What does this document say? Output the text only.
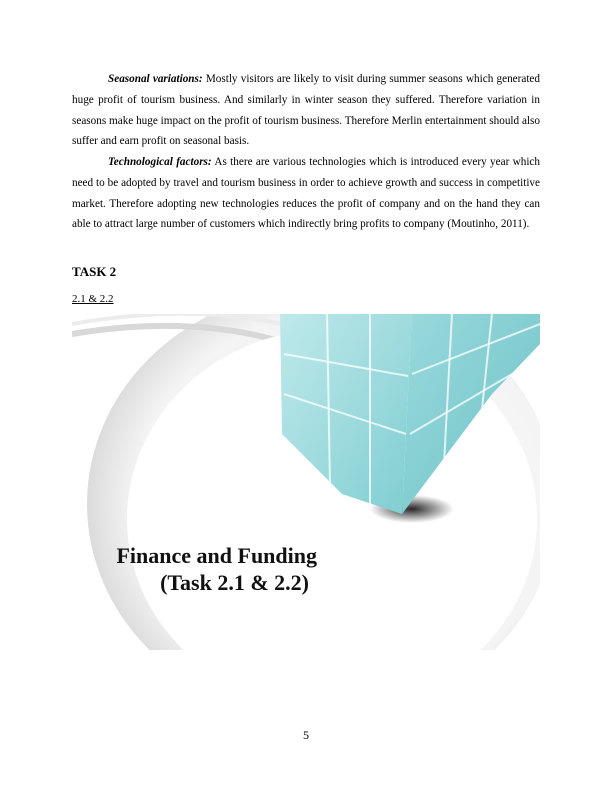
Seasonal variations: Mostly visitors are likely to visit during summer seasons which generated huge profit of tourism business. And similarly in winter season they suffered. Therefore variation in seasons make huge impact on the profit of tourism business. Therefore Merlin entertainment should also suffer and earn profit on seasonal basis.

Technological factors: As there are various technologies which is introduced every year which need to be adopted by travel and tourism business in order to achieve growth and success in competitive market. Therefore adopting new technologies reduces the profit of company and on the hand they can able to attract large number of customers which indirectly bring profits to company (Moutinho, 2011).

TASK 2

2.1 & 2.2

Finance and Funding
(Task 2.1 & 2.2)

5
